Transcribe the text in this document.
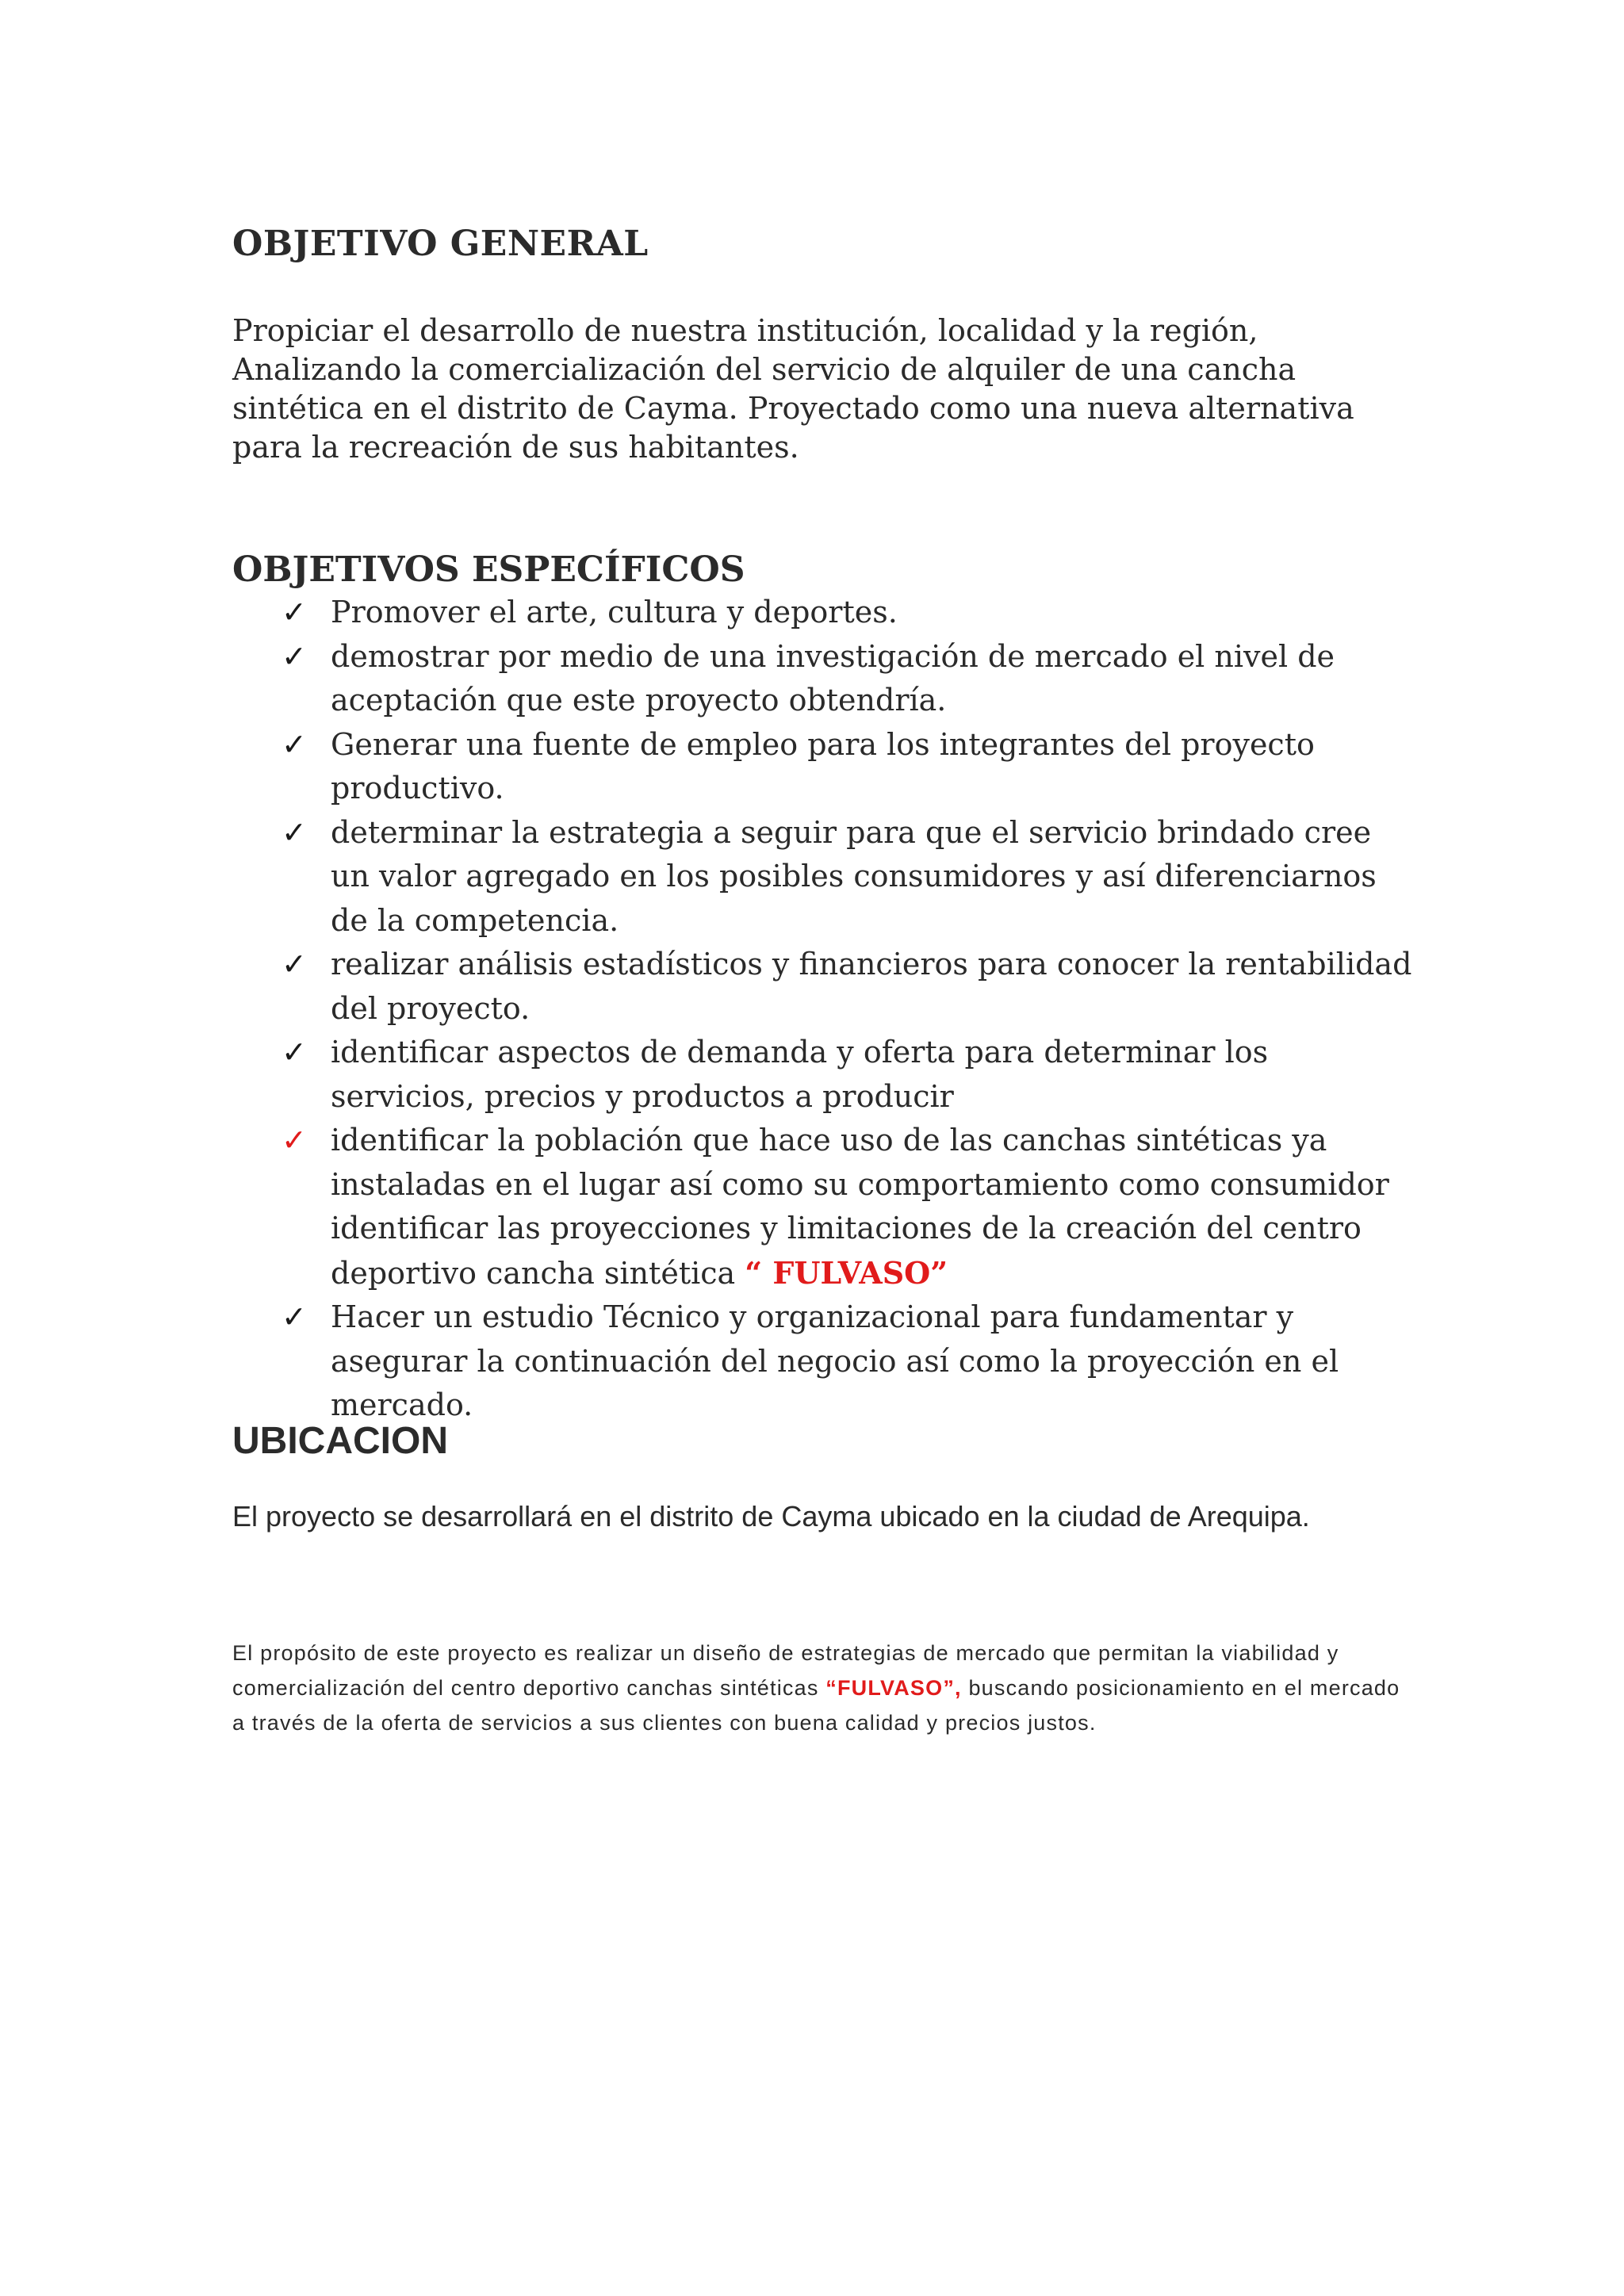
OBJETIVO GENERAL
Propiciar el desarrollo de nuestra institución, localidad y la región, Analizando la comercialización del servicio de alquiler de una cancha sintética en el distrito de Cayma. Proyectado como una nueva alternativa para la recreación de sus habitantes.
OBJETIVOS ESPECÍFICOS
✓ Promover el arte, cultura y deportes.
✓ demostrar por medio de una investigación de mercado el nivel de aceptación que este proyecto obtendría.
✓ Generar una fuente de empleo para los integrantes del proyecto productivo.
✓ determinar la estrategia a seguir para que el servicio brindado cree un valor agregado en los posibles consumidores y así diferenciarnos de la competencia.
✓ realizar análisis estadísticos y financieros para conocer la rentabilidad del proyecto.
✓ identificar aspectos de demanda y oferta para determinar los servicios, precios y productos a producir
✓ identificar la población que hace uso de las canchas sintéticas ya instaladas en el lugar así como su comportamiento como consumidor identificar las proyecciones y limitaciones de la creación del centro deportivo cancha sintética “ FULVASO”
✓ Hacer un estudio Técnico y organizacional para fundamentar y asegurar la continuación del negocio así como la proyección en el mercado.
UBICACION
El proyecto se desarrollará en el distrito de Cayma ubicado en la ciudad de Arequipa.
El propósito de este proyecto es realizar un diseño de estrategias de mercado que permitan la viabilidad y comercialización del centro deportivo canchas sintéticas “FULVASO”, buscando posicionamiento en el mercado a través de la oferta de servicios a sus clientes con buena calidad y precios justos.
